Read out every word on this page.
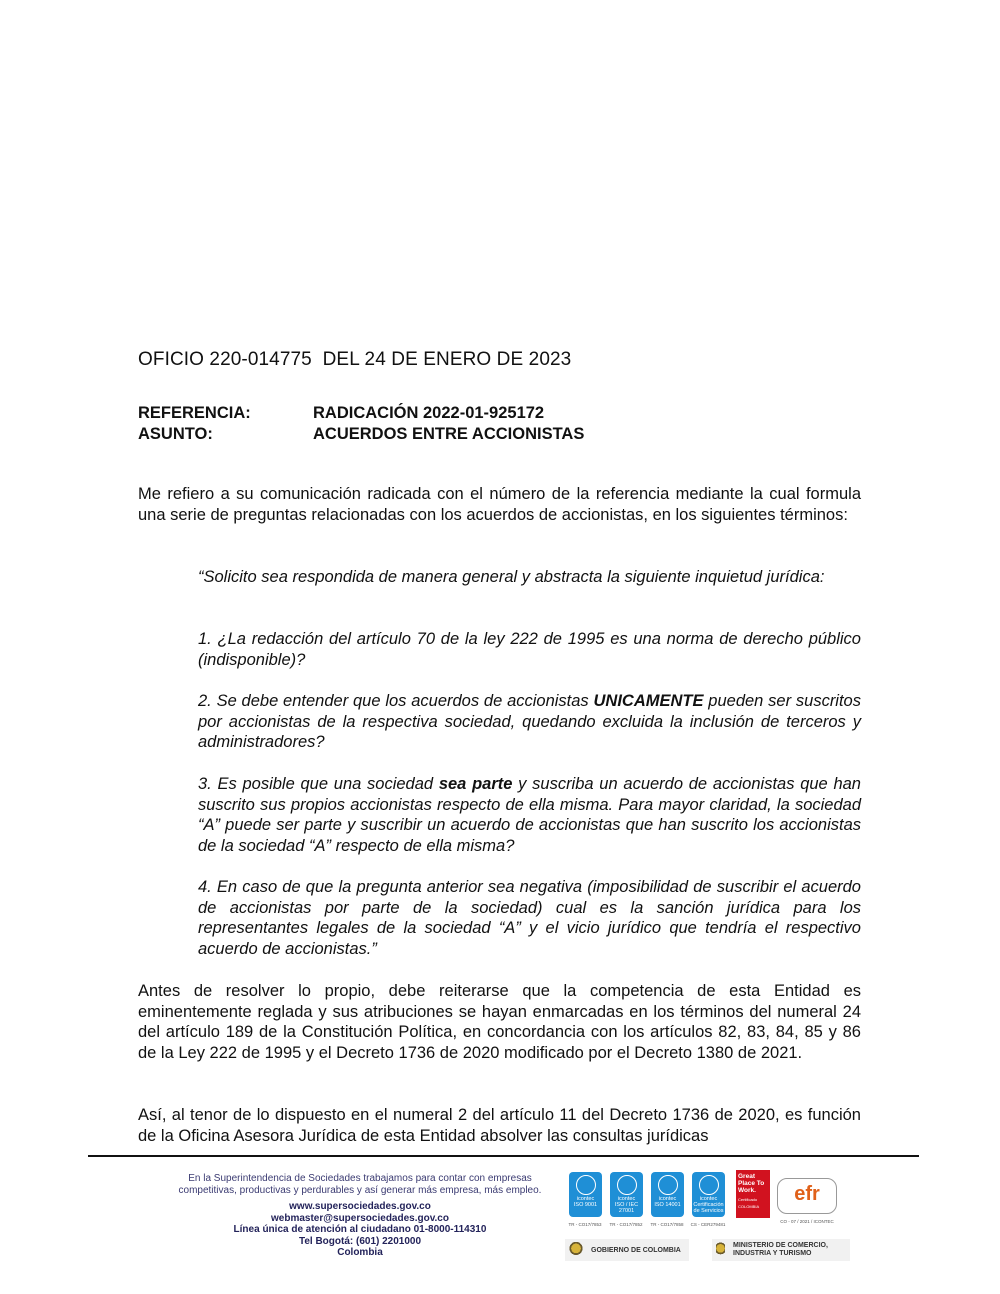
OFICIO 220-014775  DEL 24 DE ENERO DE 2023
REFERENCIA:	RADICACIÓN 2022-01-925172
ASUNTO:	ACUERDOS ENTRE ACCIONISTAS

Me refiero a su comunicación radicada con el número de la referencia mediante la cual formula una serie de preguntas relacionadas con los acuerdos de accionistas, en los siguientes términos:

“Solicito sea respondida de manera general y abstracta la siguiente inquietud jurídica:

1. ¿La redacción del artículo 70 de la ley 222 de 1995 es una norma de derecho público (indisponible)?

2. Se debe entender que los acuerdos de accionistas UNICAMENTE pueden ser suscritos por accionistas de la respectiva sociedad, quedando excluida la inclusión de terceros y administradores?

3. Es posible que una sociedad sea parte y suscriba un acuerdo de accionistas que han suscrito sus propios accionistas respecto de ella misma. Para mayor claridad, la sociedad “A” puede ser parte y suscribir un acuerdo de accionistas que han suscrito los accionistas de la sociedad “A” respecto de ella misma?

4. En caso de que la pregunta anterior sea negativa (imposibilidad de suscribir el acuerdo de accionistas por parte de la sociedad) cual es la sanción jurídica para los representantes legales de la sociedad “A” y el vicio jurídico que tendría el respectivo acuerdo de accionistas.”

Antes de resolver lo propio, debe reiterarse que la competencia de esta Entidad es eminentemente reglada y sus atribuciones se hayan enmarcadas en los términos del numeral 24 del artículo 189 de la Constitución Política, en concordancia con los artículos 82, 83, 84, 85 y 86 de la Ley 222 de 1995 y el Decreto 1736 de 2020 modificado por el Decreto 1380 de 2021.

Así, al tenor de lo dispuesto en el numeral 2 del artículo 11 del Decreto 1736 de 2020, es función de la Oficina Asesora Jurídica de esta Entidad absolver las consultas jurídicas

En la Superintendencia de Sociedades trabajamos para contar con empresas
competitivas, productivas y perdurables y así generar más empresa, más empleo.
www.supersociedades.gov.co
webmaster@supersociedades.gov.co
Línea única de atención al ciudadano 01-8000-114310
Tel Bogotá: (601) 2201000
Colombia
icontec
ISO 9001
TR - CO17/7853
icontec
ISO / IEC 27001
TR - CO17/7852
icontec
ISO 14001
TR - CO17/7858
icontec
Certificación de Servicios
CS - CER279481
Great Place To Work.
Certificado COLOMBIA
efr
CO - 07 / 2021 / ICONTEC
GOBIERNO DE COLOMBIA
MINISTERIO DE COMERCIO, INDUSTRIA Y TURISMO
